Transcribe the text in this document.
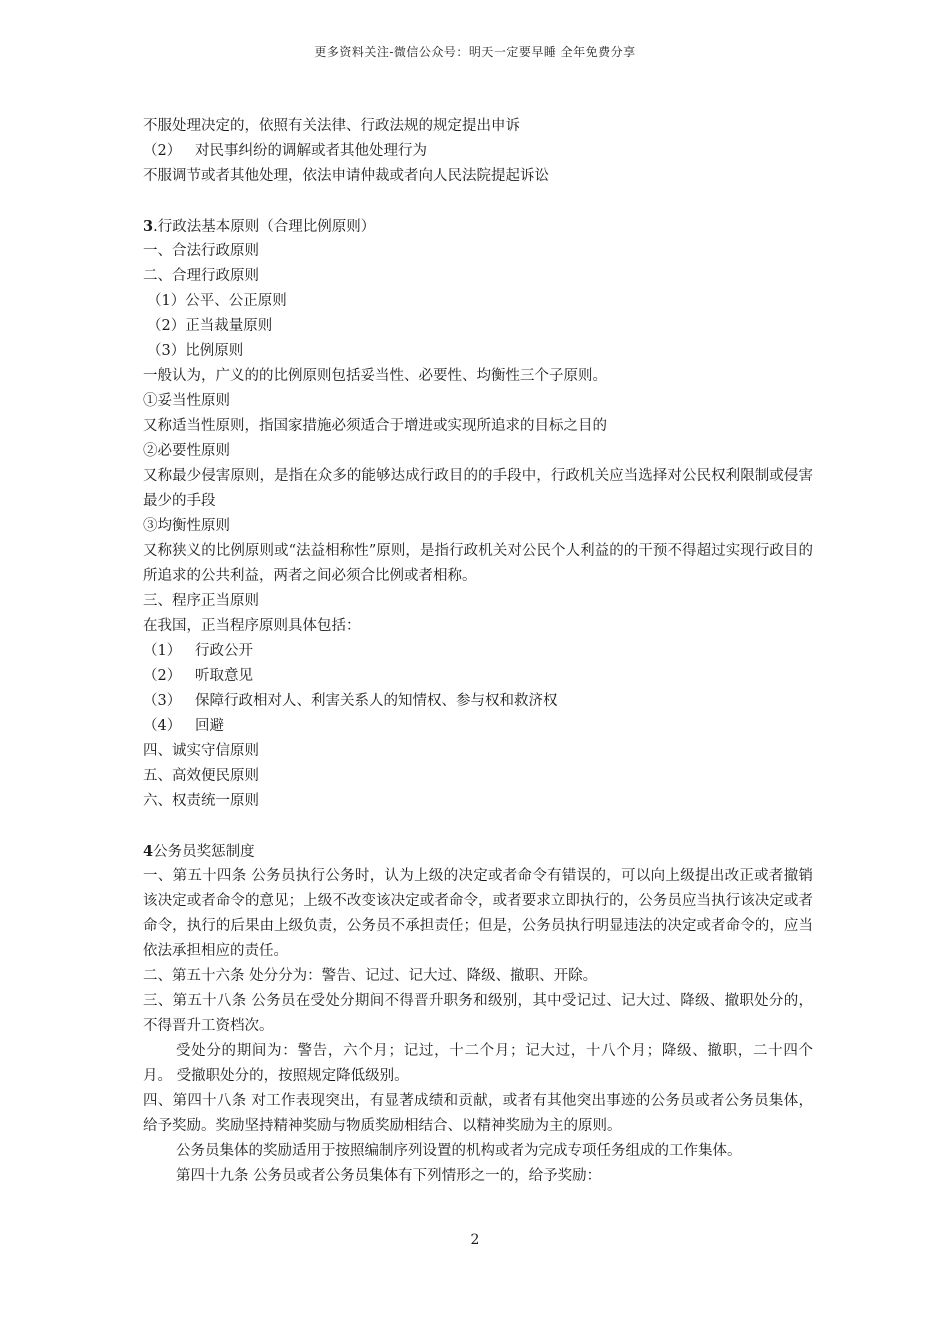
更多资料关注-微信公众号：明天一定要早睡 全年免费分享
不服处理决定的，依照有关法律、行政法规的规定提出申诉
（2） 对民事纠纷的调解或者其他处理行为
不服调节或者其他处理，依法申请仲裁或者向人民法院提起诉讼
3.行政法基本原则（合理比例原则）
一、合法行政原则
二、合理行政原则
（1）公平、公正原则
（2）正当裁量原则
（3）比例原则
一般认为，广义的的比例原则包括妥当性、必要性、均衡性三个子原则。
①妥当性原则
又称适当性原则，指国家措施必须适合于增进或实现所追求的目标之目的
②必要性原则
又称最少侵害原则，是指在众多的能够达成行政目的的手段中，行政机关应当选择对公民权利限制或侵害最少的手段
③均衡性原则
又称狭义的比例原则或“法益相称性”原则，是指行政机关对公民个人利益的的干预不得超过实现行政目的所追求的公共利益，两者之间必须合比例或者相称。
三、程序正当原则
在我国，正当程序原则具体包括：
（1） 行政公开
（2） 听取意见
（3） 保障行政相对人、利害关系人的知情权、参与权和救济权
（4） 回避
四、诚实守信原则
五、高效便民原则
六、权责统一原则
4公务员奖惩制度
一、第五十四条 公务员执行公务时，认为上级的决定或者命令有错误的，可以向上级提出改正或者撤销该决定或者命令的意见；上级不改变该决定或者命令，或者要求立即执行的，公务员应当执行该决定或者命令，执行的后果由上级负责，公务员不承担责任；但是，公务员执行明显违法的决定或者命令的，应当依法承担相应的责任。
二、第五十六条 处分分为：警告、记过、记大过、降级、撤职、开除。
三、第五十八条 公务员在受处分期间不得晋升职务和级别，其中受记过、记大过、降级、撤职处分的，不得晋升工资档次。
受处分的期间为：警告，六个月；记过，十二个月；记大过，十八个月；降级、撤职，二十四个月。 受撤职处分的，按照规定降低级别。
四、第四十八条 对工作表现突出，有显著成绩和贡献，或者有其他突出事迹的公务员或者公务员集体，给予奖励。奖励坚持精神奖励与物质奖励相结合、以精神奖励为主的原则。
公务员集体的奖励适用于按照编制序列设置的机构或者为完成专项任务组成的工作集体。
第四十九条 公务员或者公务员集体有下列情形之一的，给予奖励：
2
